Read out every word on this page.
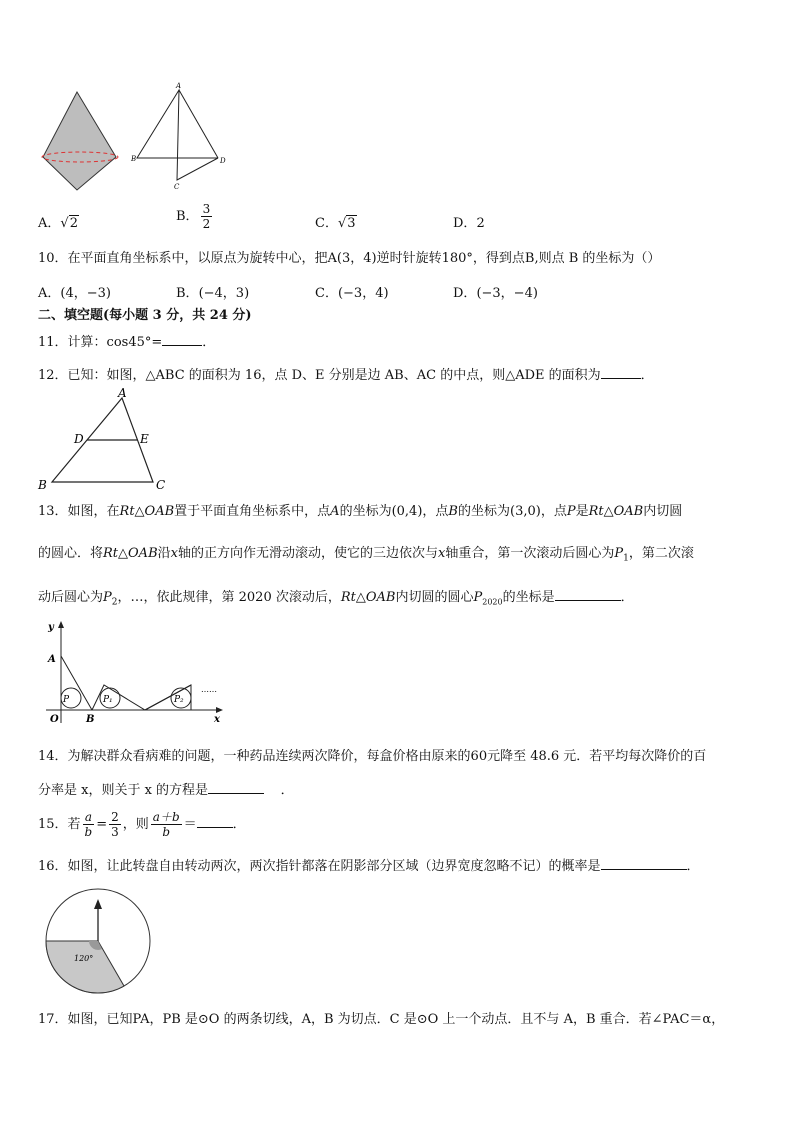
A
B	D
C
A．√2	B． $\frac{3}{2}$	C．√3	D．2
10．在平面直角坐标系中，以原点为旋转中心，把A(3，4)逆时针旋转180°，得到点B,则点 B 的坐标为（）
A．(4，−3)	B．(−4，3)	C．(−3，4)	D．(−3，−4)
二、填空题(每小题 3 分，共 24 分)
11．计算：cos45°=	．
12．已知：如图，△ABC 的面积为 16，点 D、E 分别是边 AB、AC 的中点，则△ADE 的面积为	．
A
D	E
B	C
13．如图，在Rt△OAB置于平面直角坐标系中，点A的坐标为(0,4)，点B的坐标为(3,0)，点P是Rt△OAB内切圆
的圆心．将Rt△OAB沿x轴的正方向作无滑动滚动，使它的三边依次与x轴重合，第一次滚动后圆心为$P_1$，第二次滚
动后圆心为$P_2$，…，依此规律，第 2020 次滚动后，Rt△OAB内切圆的圆心$P_{2020}$的坐标是	．
P	P₁	P₂
……
y
x
A
O	B
14．为解决群众看病难的问题，一种药品连续两次降价，每盒价格由原来的60元降至 48.6 元．若平均每次降价的百
分率是 x，则关于 x 的方程是	．
15．若 $\frac{a}{b} = \frac{2}{3}$ ，则 $\frac{a+b}{b}$ ＝	．
16．如图，让此转盘自由转动两次，两次指针都落在阴影部分区域（边界宽度忽略不记）的概率是	．
120°
17．如图，已知PA，PB 是⊙O 的两条切线，A，B 为切点．C 是⊙O 上一个动点．且不与 A，B 重合．若∠PAC＝α，
